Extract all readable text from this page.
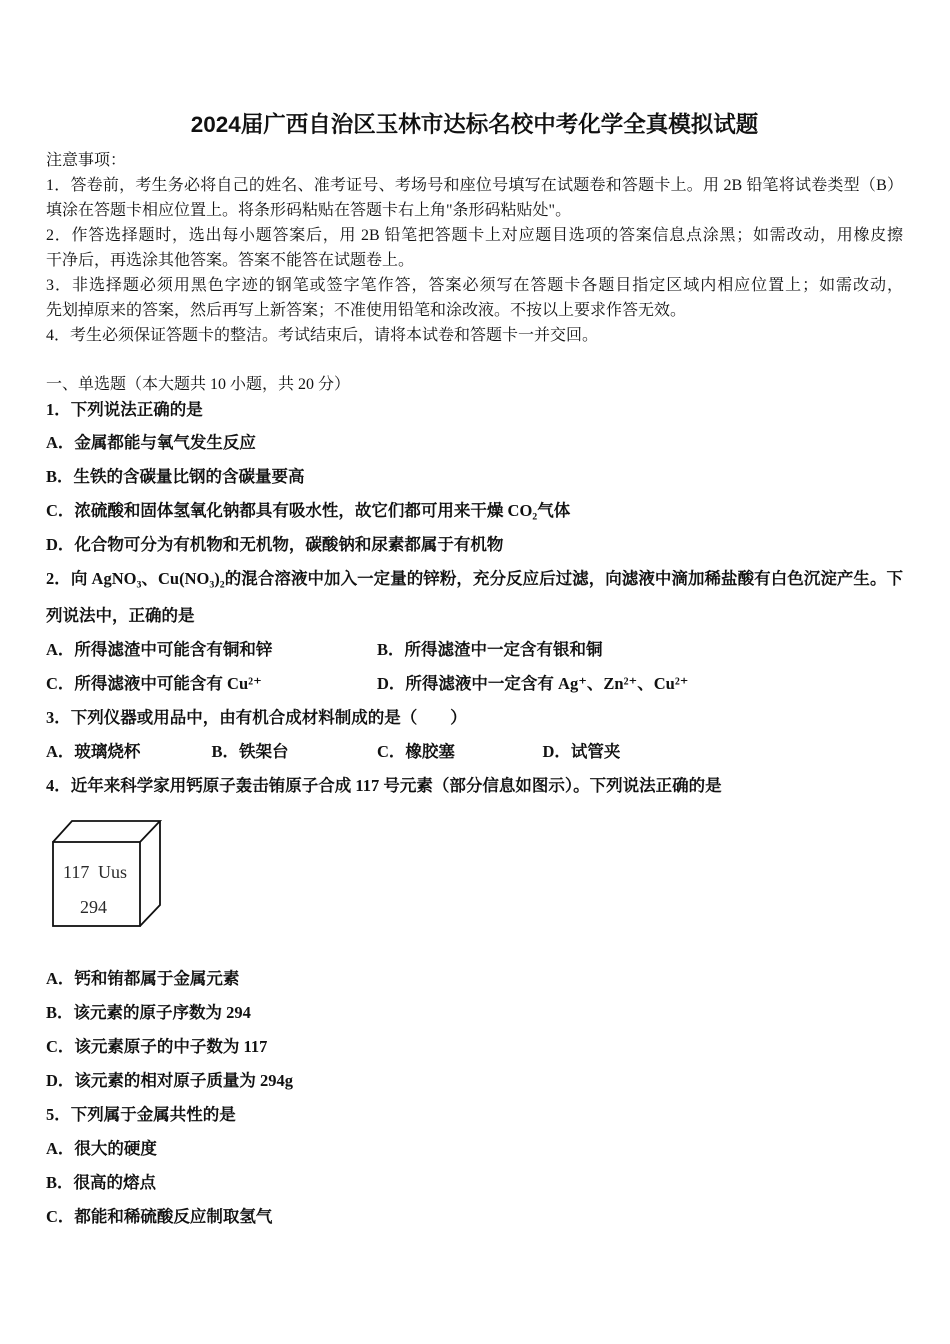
2024届广西自治区玉林市达标名校中考化学全真模拟试题
注意事项：
1．答卷前，考生务必将自己的姓名、准考证号、考场号和座位号填写在试题卷和答题卡上。用 2B 铅笔将试卷类型（B）
填涂在答题卡相应位置上。将条形码粘贴在答题卡右上角"条形码粘贴处"。
2．作答选择题时，选出每小题答案后，用 2B 铅笔把答题卡上对应题目选项的答案信息点涂黑；如需改动，用橡皮擦
干净后，再选涂其他答案。答案不能答在试题卷上。
3．非选择题必须用黑色字迹的钢笔或签字笔作答，答案必须写在答题卡各题目指定区域内相应位置上；如需改动，
先划掉原来的答案，然后再写上新答案；不准使用铅笔和涂改液。不按以上要求作答无效。
4．考生必须保证答题卡的整洁。考试结束后，请将本试卷和答题卡一并交回。
一、单选题（本大题共 10 小题，共 20 分）
1．下列说法正确的是
A．金属都能与氧气发生反应
B．生铁的含碳量比钢的含碳量要高
C．浓硫酸和固体氢氧化钠都具有吸水性，故它们都可用来干燥 CO₂气体
D．化合物可分为有机物和无机物，碳酸钠和尿素都属于有机物
2．向 AgNO₃、Cu(NO₃)₂的混合溶液中加入一定量的锌粉，充分反应后过滤，向滤液中滴加稀盐酸有白色沉淀产生。下
列说法中，正确的是
A．所得滤渣中可能含有铜和锌	B．所得滤渣中一定含有银和铜
C．所得滤液中可能含有 Cu²⁺	D．所得滤液中一定含有 Ag⁺、Zn²⁺、Cu²⁺
3．下列仪器或用品中，由有机合成材料制成的是（　　）
A．玻璃烧杯	B．铁架台	C．橡胶塞	D．试管夹
4．近年来科学家用钙原子轰击铕原子合成 117 号元素（部分信息如图示）。下列说法正确的是
117 Uus
294
A．钙和铕都属于金属元素
B．该元素的原子序数为 294
C．该元素原子的中子数为 117
D．该元素的相对原子质量为 294g
5．下列属于金属共性的是
A．很大的硬度
B．很高的熔点
C．都能和稀硫酸反应制取氢气
